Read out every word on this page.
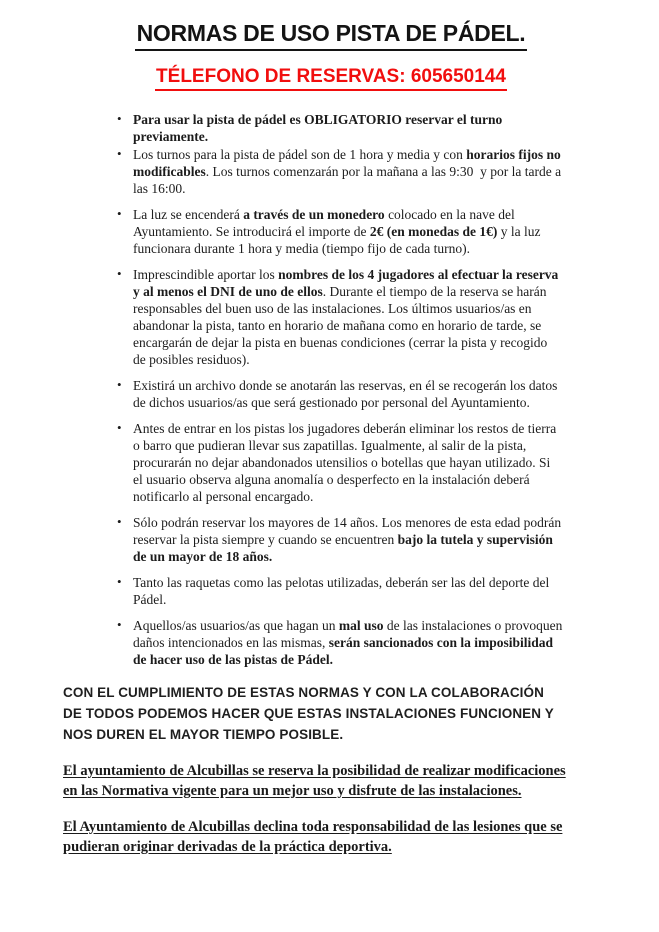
NORMAS DE USO PISTA DE PÁDEL.
TÉLEFONO DE RESERVAS: 605650144
• Para usar la pista de pádel es OBLIGATORIO reservar el turno previamente.
• Los turnos para la pista de pádel son de 1 hora y media y con horarios fijos no modificables. Los turnos comenzarán por la mañana a las 9:30  y por la tarde a las 16:00.
• La luz se encenderá a través de un monedero colocado en la nave del Ayuntamiento. Se introducirá el importe de 2€ (en monedas de 1€) y la luz funcionara durante 1 hora y media (tiempo fijo de cada turno).
• Imprescindible aportar los nombres de los 4 jugadores al efectuar la reserva y al menos el DNI de uno de ellos. Durante el tiempo de la reserva se harán responsables del buen uso de las instalaciones. Los últimos usuarios/as en abandonar la pista, tanto en horario de mañana como en horario de tarde, se encargarán de dejar la pista en buenas condiciones (cerrar la pista y recogido de posibles residuos).
• Existirá un archivo donde se anotarán las reservas, en él se recogerán los datos de dichos usuarios/as que será gestionado por personal del Ayuntamiento.
• Antes de entrar en los pistas los jugadores deberán eliminar los restos de tierra o barro que pudieran llevar sus zapatillas. Igualmente, al salir de la pista, procurarán no dejar abandonados utensilios o botellas que hayan utilizado. Si el usuario observa alguna anomalía o desperfecto en la instalación deberá notificarlo al personal encargado.
• Sólo podrán reservar los mayores de 14 años. Los menores de esta edad podrán reservar la pista siempre y cuando se encuentren bajo la tutela y supervisión de un mayor de 18 años.
• Tanto las raquetas como las pelotas utilizadas, deberán ser las del deporte del Pádel.
• Aquellos/as usuarios/as que hagan un mal uso de las instalaciones o provoquen daños intencionados en las mismas, serán sancionados con la imposibilidad de hacer uso de las pistas de Pádel.

CON EL CUMPLIMIENTO DE ESTAS NORMAS Y CON LA COLABORACIÓN DE TODOS PODEMOS HACER QUE ESTAS INSTALACIONES FUNCIONEN Y NOS DUREN EL MAYOR TIEMPO POSIBLE.

El ayuntamiento de Alcubillas se reserva la posibilidad de realizar modificaciones en las Normativa vigente para un mejor uso y disfrute de las instalaciones.

El Ayuntamiento de Alcubillas declina toda responsabilidad de las lesiones que se pudieran originar derivadas de la práctica deportiva.
